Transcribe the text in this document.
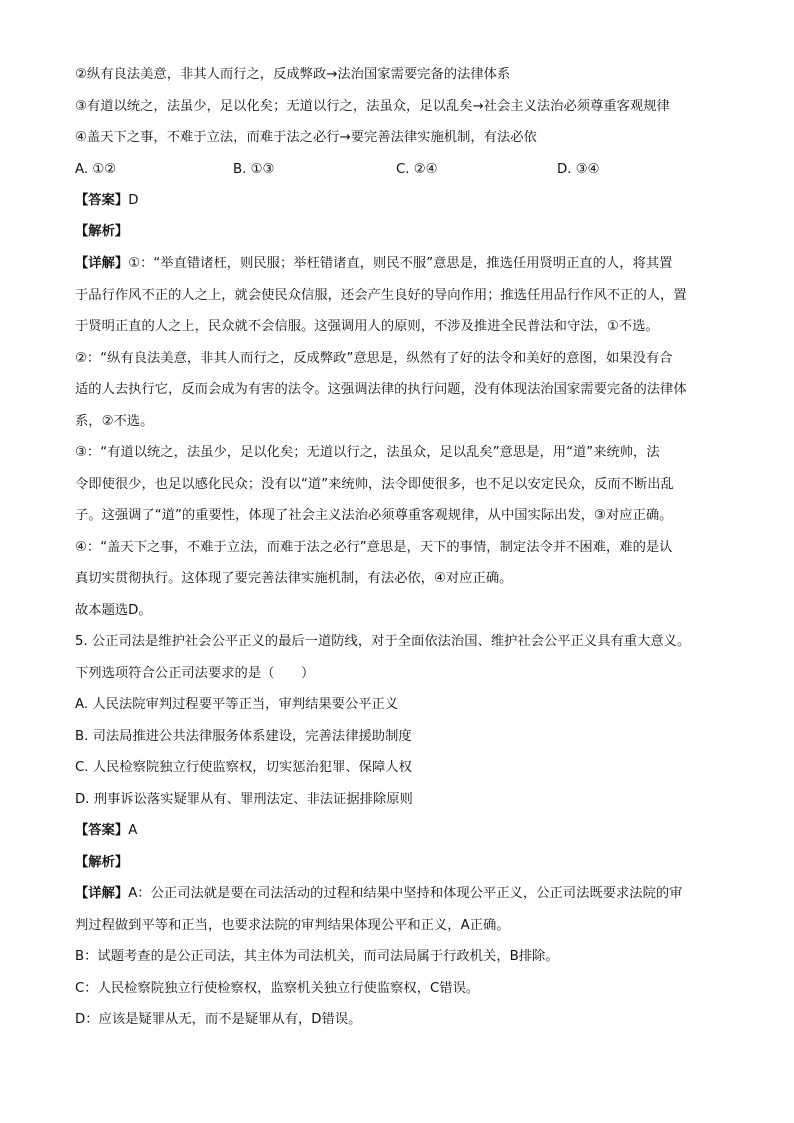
②纵有良法美意，非其人而行之，反成弊政→法治国家需要完备的法律体系

③有道以统之，法虽少，足以化矣；无道以行之，法虽众，足以乱矣→社会主义法治必须尊重客观规律

④盖天下之事，不难于立法，而难于法之必行→要完善法律实施机制，有法必依

A. ①②	B. ①③	C. ②④	D. ③④

【答案】D

【解析】

【详解】①：“举直错诸枉，则民服；举枉错诸直，则民不服”意思是，推选任用贤明正直的人，将其置

于品行作风不正的人之上，就会使民众信服，还会产生良好的导向作用；推选任用品行作风不正的人，置

于贤明正直的人之上，民众就不会信服。这强调用人的原则，不涉及推进全民普法和守法，①不选。

②：“纵有良法美意，非其人而行之，反成弊政”意思是，纵然有了好的法令和美好的意图，如果没有合

适的人去执行它，反而会成为有害的法令。这强调法律的执行问题，没有体现法治国家需要完备的法律体

系，②不选。

③：“有道以统之，法虽少，足以化矣；无道以行之，法虽众，足以乱矣”意思是，用“道”来统帅，法

令即使很少，也足以感化民众；没有以“道”来统帅，法令即使很多，也不足以安定民众，反而不断出乱

子。这强调了“道”的重要性，体现了社会主义法治必须尊重客观规律，从中国实际出发，③对应正确。

④：“盖天下之事，不难于立法，而难于法之必行”意思是，天下的事情，制定法令并不困难，难的是认

真切实贯彻执行。这体现了要完善法律实施机制，有法必依，④对应正确。

故本题选D。

5. 公正司法是维护社会公平正义的最后一道防线，对于全面依法治国、维护社会公平正义具有重大意义。

下列选项符合公正司法要求的是（　　）

A. 人民法院审判过程要平等正当，审判结果要公平正义

B. 司法局推进公共法律服务体系建设，完善法律援助制度

C. 人民检察院独立行使监察权，切实惩治犯罪、保障人权

D. 刑事诉讼落实疑罪从有、罪刑法定、非法证据排除原则

【答案】A

【解析】

【详解】A：公正司法就是要在司法活动的过程和结果中坚持和体现公平正义，公正司法既要求法院的审

判过程做到平等和正当，也要求法院的审判结果体现公平和正义，A正确。

B：试题考查的是公正司法，其主体为司法机关，而司法局属于行政机关，B排除。

C：人民检察院独立行使检察权，监察机关独立行使监察权，C错误。

D：应该是疑罪从无，而不是疑罪从有，D错误。
